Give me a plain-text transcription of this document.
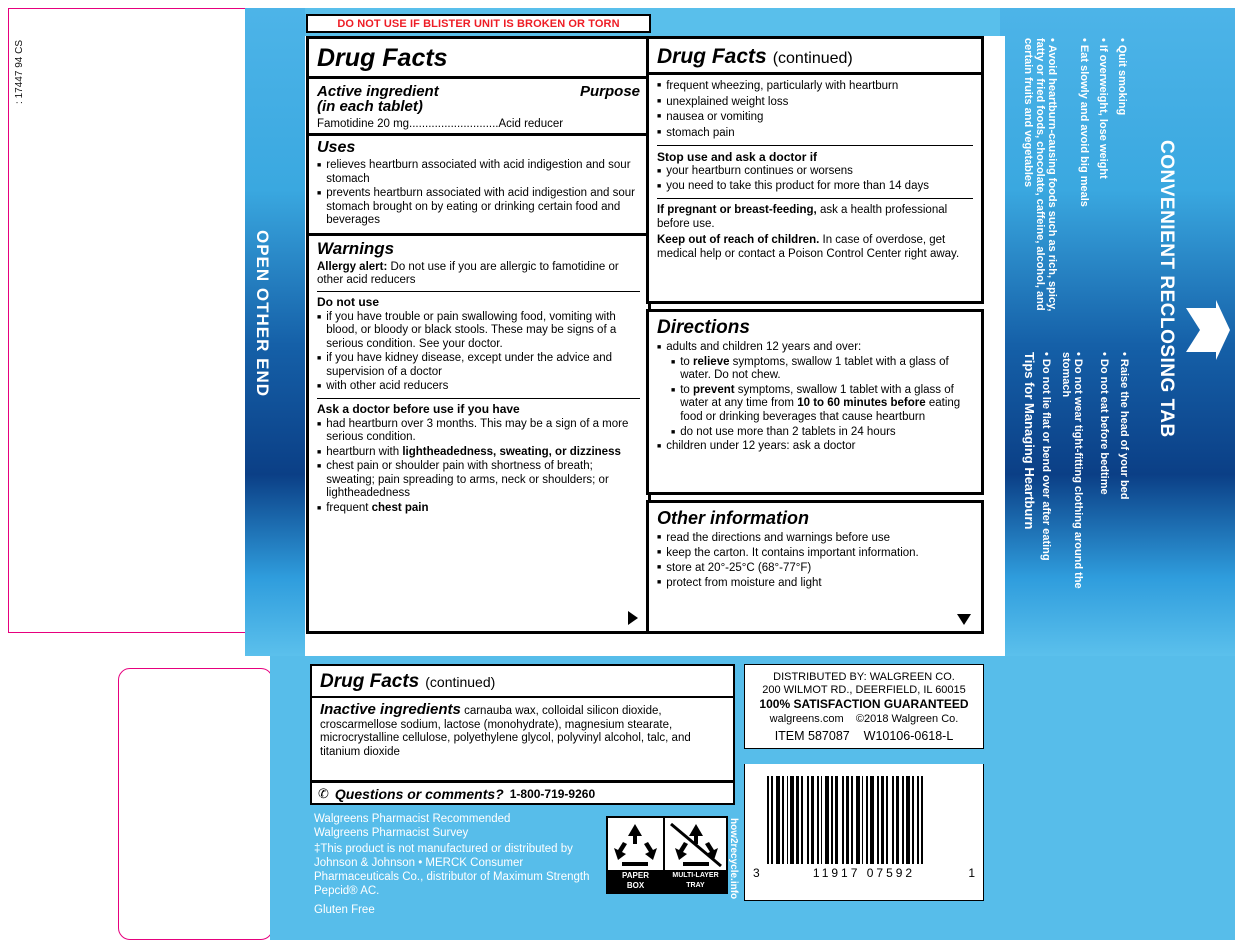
OPEN OTHER END
: 17447 94 CS
DO NOT USE IF BLISTER UNIT IS BROKEN OR TORN
Drug Facts
Active ingredient	Purpose
(in each tablet)
Famotidine 20 mg............................Acid reducer
Uses
■ relieves heartburn associated with acid indigestion and sour stomach
■ prevents heartburn associated with acid indigestion and sour stomach brought on by eating or drinking certain food and beverages
Warnings
Allergy alert: Do not use if you are allergic to famotidine or other acid reducers
Do not use
■ if you have trouble or pain swallowing food, vomiting with blood, or bloody or black stools. These may be signs of a serious condition. See your doctor.
■ if you have kidney disease, except under the advice and supervision of a doctor
■ with other acid reducers
Ask a doctor before use if you have
■ had heartburn over 3 months. This may be a sign of a more serious condition.
■ heartburn with lightheadedness, sweating, or dizziness
■ chest pain or shoulder pain with shortness of breath; sweating; pain spreading to arms, neck or shoulders; or lightheadedness
■ frequent chest pain
Drug Facts (continued)
■ frequent wheezing, particularly with heartburn
■ unexplained weight loss
■ nausea or vomiting
■ stomach pain
Stop use and ask a doctor if
■ your heartburn continues or worsens
■ you need to take this product for more than 14 days
If pregnant or breast-feeding, ask a health professional before use.
Keep out of reach of children. In case of overdose, get medical help or contact a Poison Control Center right away.
Directions
■ adults and children 12 years and over:
■ to relieve symptoms, swallow 1 tablet with a glass of water. Do not chew.
■ to prevent symptoms, swallow 1 tablet with a glass of water at any time from 10 to 60 minutes before eating food or drinking beverages that cause heartburn
■ do not use more than 2 tablets in 24 hours
■ children under 12 years: ask a doctor
Other information
■ read the directions and warnings before use
■ keep the carton. It contains important information.
■ store at 20°-25°C (68°-77°F)
■ protect from moisture and light
CONVENIENT RECLOSING TAB
Tips for Managing Heartburn • Do not lie flat or bend over after eating
• Do not wear tight-fitting clothing around the stomach	• Do not eat before bedtime
• Raise the head of your bed
• Avoid heartburn-causing foods such as rich, spicy, fatty or fried foods, chocolate, caffeine, alcohol, and certain fruits and vegetables	• Eat slowly and avoid big meals
• If overweight, lose weight
• Quit smoking
Drug Facts (continued)
Inactive ingredients carnauba wax, colloidal silicon dioxide, croscarmellose sodium, lactose (monohydrate), magnesium stearate, microcrystalline cellulose, polyethylene glycol, polyvinyl alcohol, talc, and titanium dioxide
✆ Questions or comments? 1-800-719-9260
Walgreens Pharmacist Recommended
Walgreens Pharmacist Survey
‡This product is not manufactured or distributed by Johnson & Johnson • MERCK Consumer Pharmaceuticals Co., distributor of Maximum Strength Pepcid® AC.
Gluten Free
PAPER
BOX
MULTI-LAYER
TRAY	how2recycle.info
DISTRIBUTED BY: WALGREEN CO.
200 WILMOT RD., DEERFIELD, IL 60015
100% SATISFACTION GUARANTEED
walgreens.com ©2018 Walgreen Co.
ITEM 587087 W10106-0618-L
3	11917 07592	1
